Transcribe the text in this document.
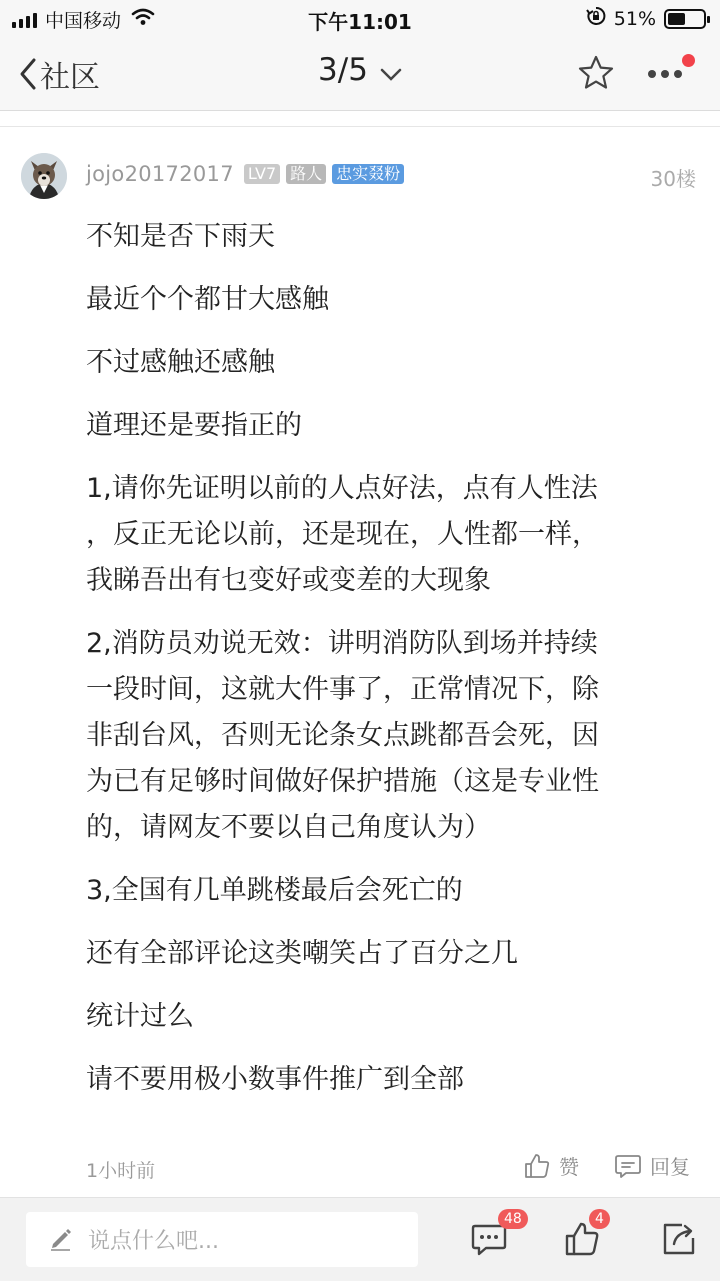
中国移动	下午11:01	51%
社区	3/5
jojo20172017 LV7 路人 忠实叕粉	30楼

不知是否下雨天

最近个个都甘大感触

不过感触还感触

道理还是要指正的

1,请你先证明以前的人点好法，点有人性法
，反正无论以前，还是现在，人性都一样，
我睇吾出有乜变好或变差的大现象

2,消防员劝说无效：讲明消防队到场并持续
一段时间，这就大件事了，正常情况下，除
非刮台风，否则无论条女点跳都吾会死，因
为已有足够时间做好保护措施（这是专业性
的，请网友不要以自己角度认为）

3,全国有几单跳楼最后会死亡的

还有全部评论这类嘲笑占了百分之几

统计过么

请不要用极小数事件推广到全部

1小时前	赞	回复
说点什么吧...
48	4
